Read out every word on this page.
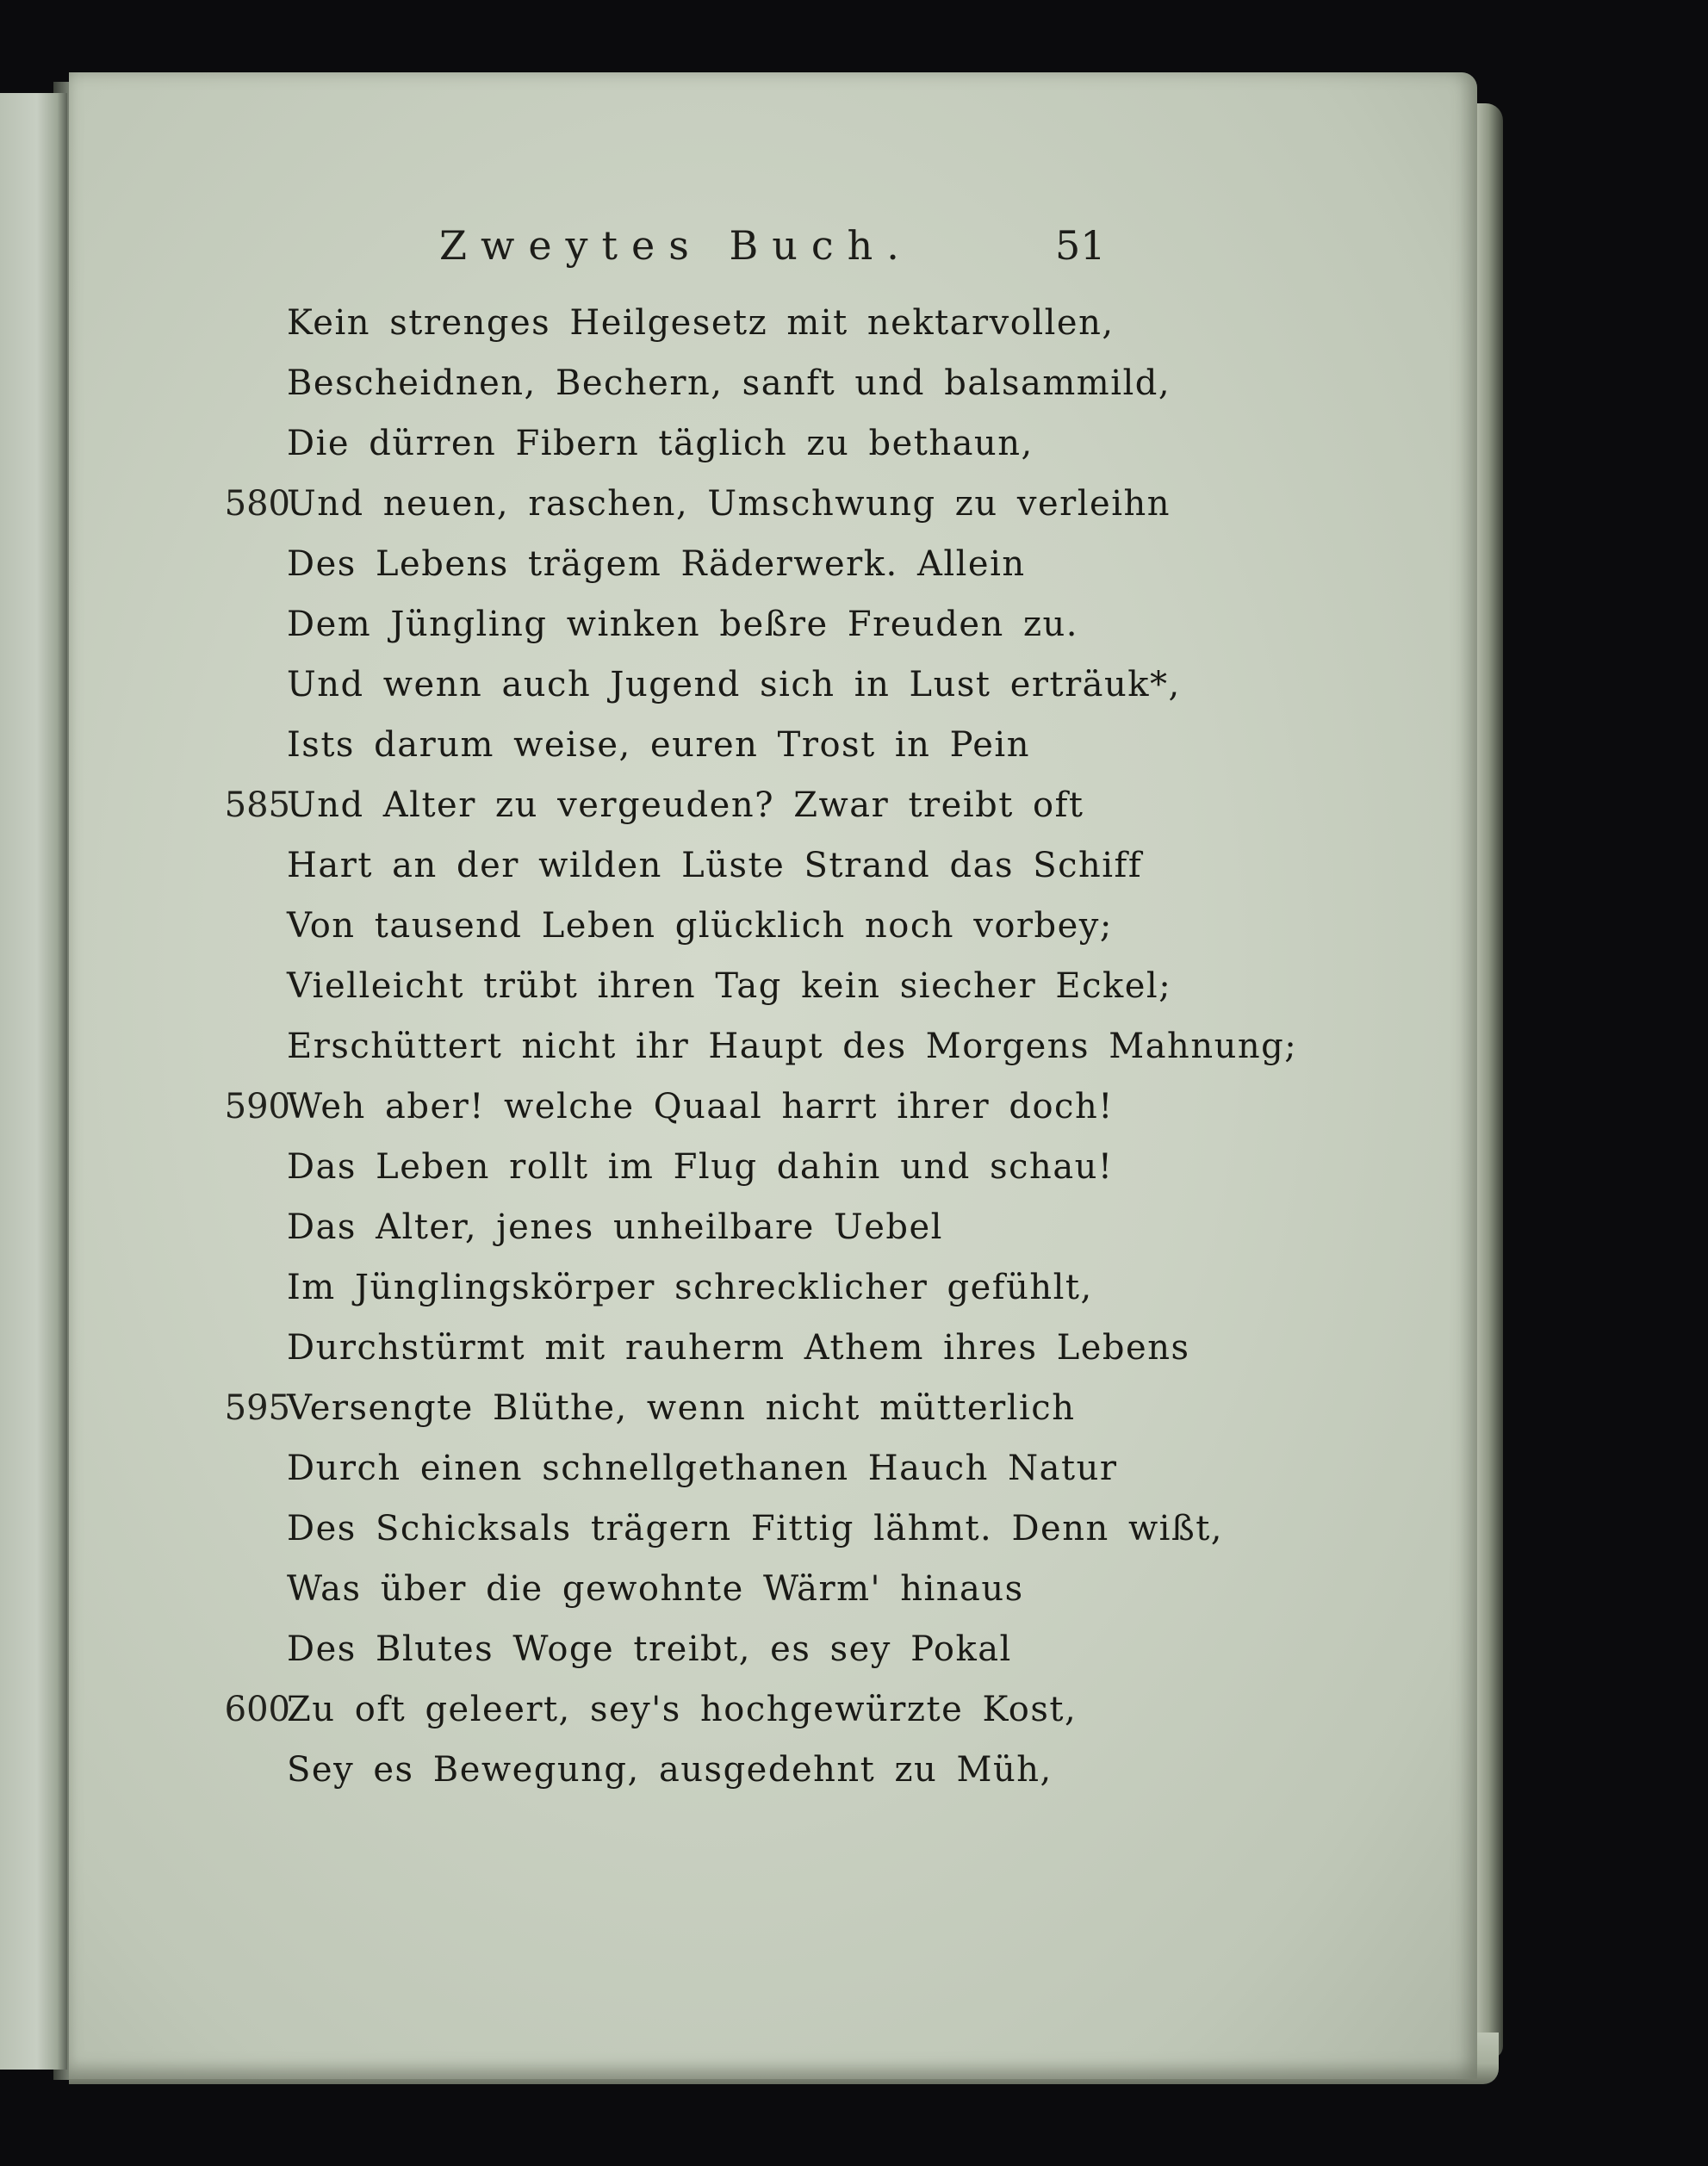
Zweytes Buch.	51
Kein strenges Heilgesetz mit nektarvollen,
Bescheidnen, Bechern, sanft und balsammild,
Die dürren Fibern täglich zu bethaun,
580
Und neuen, raschen, Umschwung zu verleihn
Des Lebens trägem Räderwerk. Allein
Dem Jüngling winken beßre Freuden zu.
Und wenn auch Jugend sich in Lust erträuk*,
Ists darum weise, euren Trost in Pein
585
Und Alter zu vergeuden? Zwar treibt oft
Hart an der wilden Lüste Strand das Schiff
Von tausend Leben glücklich noch vorbey;
Vielleicht trübt ihren Tag kein siecher Eckel;
Erschüttert nicht ihr Haupt des Morgens Mahnung;
590
Weh aber! welche Quaal harrt ihrer doch!
Das Leben rollt im Flug dahin und schau!
Das Alter, jenes unheilbare Uebel
Im Jünglingskörper schrecklicher gefühlt,
Durchstürmt mit rauherm Athem ihres Lebens
595
Versengte Blüthe, wenn nicht mütterlich
Durch einen schnellgethanen Hauch Natur
Des Schicksals trägern Fittig lähmt. Denn wißt,
Was über die gewohnte Wärm' hinaus
Des Blutes Woge treibt, es sey Pokal
600
Zu oft geleert, sey's hochgewürzte Kost,
Sey es Bewegung, ausgedehnt zu Müh,
